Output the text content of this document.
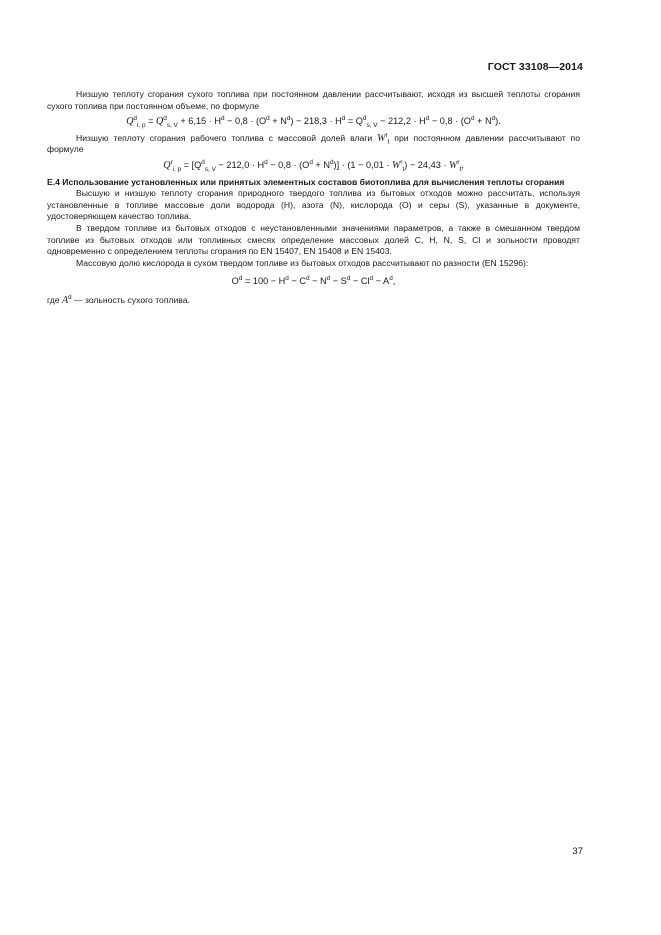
ГОСТ 33108—2014

Низшую теплоту сгорания сухого топлива при постоянном давлении рассчитывают, исходя из высшей теплоты сгорания сухого топлива при постоянном объеме, по формуле

$Q^d_{i, p} = Q^d_{s, V} + 6,15 \cdot H^d - 0,8 \cdot (O^d + N^d) - 218,3 \cdot H^d = Q^d_{s, V} - 212,2 \cdot H^d - 0,8 \cdot (O^d + N^d)$.

Низшую теплоту сгорания рабочего топлива с массовой долей влаги $W^r_t$ при постоянном давлении рассчитывают по формуле

$Q^r_{i, p} = [Q^d_{s, V} - 212,0 \cdot H^d - 0,8 \cdot (O^d + N^d)] \cdot (1 - 0,01 \cdot W^r_t) - 24,43 \cdot W^r_t$,

Е.4 Использование установленных или принятых элементных составов биотоплива для вычисления теплоты сгорания

Высшую и низшую теплоту сгорания природного твердого топлива из бытовых отходов можно рассчитать, используя установленные в топливе массовые доли водорода (H), азота (N), кислорода (O) и серы (S), указанные в документе, удостоверяющем качество топлива.

В твердом топливе из бытовых отходов с неустановленными значениями параметров, а также в смешанном твердом топливе из бытовых отходов или топливных смесях определение массовых долей C, H, N, S, Cl и зольности проводят одновременно с определением теплоты сгорания по EN 15407, EN 15408 и EN 15403.

Массовую долю кислорода в сухом твердом топливе из бытовых отходов рассчитывают по разности (EN 15296):

$O^d = 100 - H^d - C^d - N^d - S^d - Cl^d - A^d$,

где $A^d$ — зольность сухого топлива.

37
